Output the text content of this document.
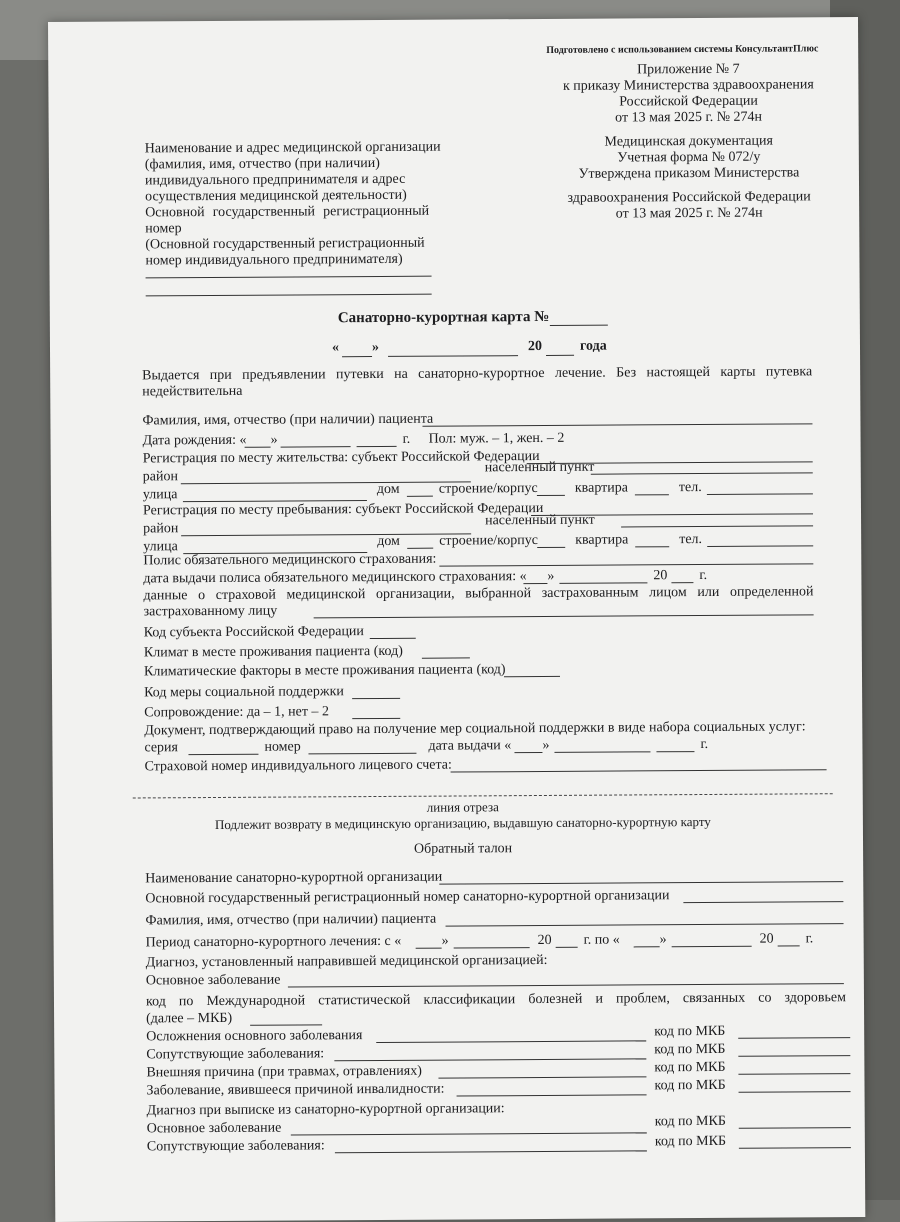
Подготовлено с использованием системы КонсультантПлюс
Приложение № 7
к приказу Министерства здравоохранения
Российской Федерации
от 13 мая 2025 г. № 274н
Медицинская документация
Учетная форма № 072/у
Утверждена приказом Министерства
здравоохранения Российской Федерации
от 13 мая 2025 г. № 274н
Наименование и адрес медицинской организации
(фамилия, имя, отчество (при наличии)
индивидуального предпринимателя и адрес
осуществления медицинской деятельности)
Основной государственный регистрационный
номер
(Основной государственный регистрационный
номер индивидуального предпринимателя)
Санаторно-курортная карта №
« »	20	года
Выдается при предъявлении путевки на санаторно-курортное лечение. Без настоящей карты путевка
недействительна
Фамилия, имя, отчество (при наличии) пациента
Дата рождения: « »	г. Пол: муж. – 1, жен. – 2
Регистрация по месту жительства: субъект Российской Федерации
район
населенный пункт
улица	дом	строение/корпус	квартира	тел.
Регистрация по месту пребывания: субъект Российской Федерации
район
населенный пункт
улица	дом	строение/корпус	квартира	тел.
Полис обязательного медицинского страхования:
дата выдачи полиса обязательного медицинского страхования: « »	20 г.
данные о страховой медицинской организации, выбранной застрахованным лицом или определенной
застрахованному лицу
Код субъекта Российской Федерации
Климат в месте проживания пациента (код)
Климатические факторы в месте проживания пациента (код)
Код меры социальной поддержки
Сопровождение: да – 1, нет – 2
Документ, подтверждающий право на получение мер социальной поддержки в виде набора социальных услуг:
серия	номер	дата выдачи « »	г.
Страховой номер индивидуального лицевого счета:
линия отреза
Подлежит возврату в медицинскую организацию, выдавшую санаторно-курортную карту
Обратный талон
Наименование санаторно-курортной организации
Основной государственный регистрационный номер санаторно-курортной организации
Фамилия, имя, отчество (при наличии) пациента
Период санаторно-курортного лечения: с «	»	20 г. по «	»	20 г.
Диагноз, установленный направившей медицинской организацией:
Основное заболевание
код по Международной статистической классификации болезней и проблем, связанных со здоровьем
(далее – МКБ)
Осложнения основного заболевания	код по МКБ
Сопутствующие заболевания:	код по МКБ
Внешняя причина (при травмах, отравлениях)	код по МКБ
Заболевание, явившееся причиной инвалидности:	код по МКБ
Диагноз при выписке из санаторно-курортной организации:
Основное заболевание	код по МКБ
Сопутствующие заболевания:	код по МКБ
